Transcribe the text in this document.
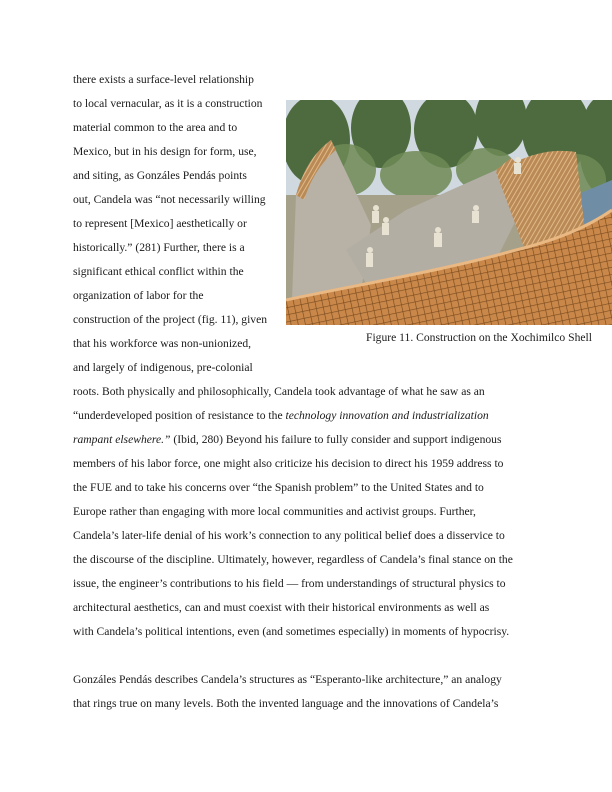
Figure 11. Construction on the Xochimilco Shell
there exists a surface-level relationship
to local vernacular, as it is a construction
material common to the area and to
Mexico, but in his design for form, use,
and siting, as Gonzáles Pendás points
out, Candela was “not necessarily willing
to represent [Mexico] aesthetically or
historically.” (281) Further, there is a
significant ethical conflict within the
organization of labor for the
construction of the project (fig. 11), given
that his workforce was non-unionized,
and largely of indigenous, pre-colonial
roots. Both physically and philosophically, Candela took advantage of what he saw as an
“underdeveloped position of resistance to the technology innovation and industrialization
rampant elsewhere.” (Ibid, 280) Beyond his failure to fully consider and support indigenous
members of his labor force, one might also criticize his decision to direct his 1959 address to
the FUE and to take his concerns over “the Spanish problem” to the United States and to
Europe rather than engaging with more local communities and activist groups. Further,
Candela’s later-life denial of his work’s connection to any political belief does a disservice to
the discourse of the discipline. Ultimately, however, regardless of Candela’s final stance on the
issue, the engineer’s contributions to his field — from understandings of structural physics to
architectural aesthetics, can and must coexist with their historical environments as well as
with Candela’s political intentions, even (and sometimes especially) in moments of hypocrisy.
Gonzáles Pendás describes Candela’s structures as “Esperanto-like architecture,” an analogy
that rings true on many levels. Both the invented language and the innovations of Candela’s
